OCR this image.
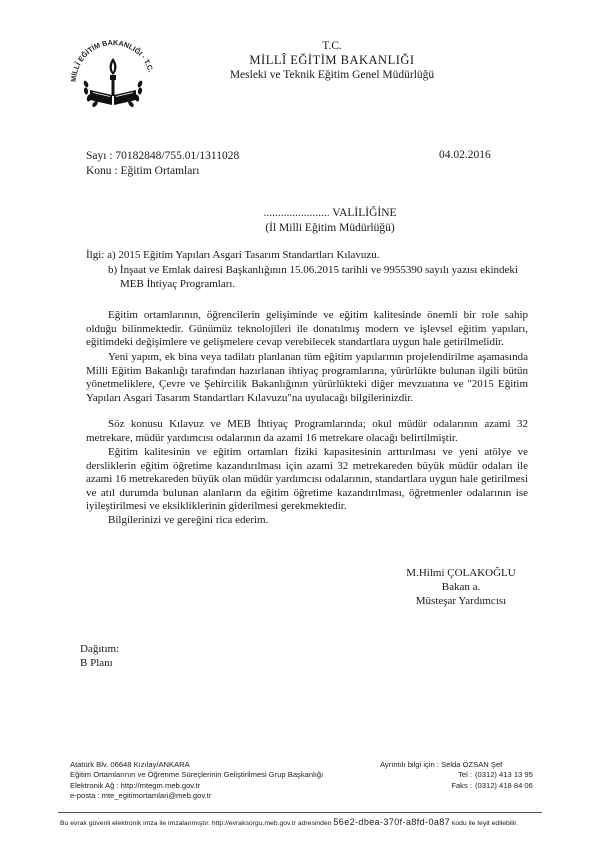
MİLLÎ EĞİTİM BAKANLIĞI · T.C.
T.C.
MİLLÎ EĞİTİM BAKANLIĞI
Mesleki ve Teknik Eğitim Genel Müdürlüğü
Sayı : 70182848/755.01/1311028
Konu : Eğitim Ortamları
04.02.2016
....................... VALİLİĞİNE
(İl Milli Eğitim Müdürlüğü)
İlgi: a) 2015 Eğitim Yapıları Asgari Tasarım Standartları Kılavuzu.
b) İnşaat ve Emlak dairesi Başkanlığının 15.06.2015 tarihli ve 9955390 sayılı yazısı ekindeki
MEB İhtiyaç Programları.

Eğitim ortamlarının, öğrencilerin gelişiminde ve eğitim kalitesinde önemli bir role sahip olduğu bilinmektedir. Günümüz teknolojileri ile donatılmış modern ve işlevsel eğitim yapıları, eğitimdeki değişimlere ve gelişmelere cevap verebilecek standartlara uygun hale getirilmelidir.

Yeni yapım, ek bina veya tadilatı planlanan tüm eğitim yapılarının projelendirilme aşamasında Milli Eğitim Bakanlığı tarafından hazırlanan ihtiyaç programlarına, yürürlükte bulunan ilgili bütün yönetmeliklere, Çevre ve Şehircilik Bakanlığının yürürlükteki diğer mevzuatına ve ''2015 Eğitim Yapıları Asgari Tasarım Standartları Kılavuzu"na uyulacağı bilgilerinizdir.

Söz konusu Kılavuz ve MEB İhtiyaç Programlarında; okul müdür odalarının azami 32 metrekare, müdür yardımcısı odalarının da azami 16 metrekare olacağı belirtilmiştir.

Eğitim kalitesinin ve eğitim ortamları fiziki kapasitesinin arttırılması ve yeni atölye ve dersliklerin eğitim öğretime kazandırılması için azami 32 metrekareden büyük müdür odaları ile azami 16 metrekareden büyük olan müdür yardımcısı odalarının, standartlara uygun hale getirilmesi ve atıl durumda bulunan alanların da eğitim öğretime kazandırılması, öğretmenler odalarının ise iyileştirilmesi ve eksikliklerinin giderilmesi gerekmektedir.

Bilgilerinizi ve gereğini rica ederim.

M.Hilmi ÇOLAKOĞLU
Bakan a.
Müsteşar Yardımcısı
Dağıtım:
B Planı
Atatürk Blv. 06648 Kızılay/ANKARA
Eğitim Ortamlarının ve Öğrenme Süreçlerinin Geliştirilmesi Grup Başkanlığı
Elektronik Ağ : http://mtegm.meb.gov.tr
e-posta : mte_egitimortamlari@meb.gov.tr
Ayrıntılı bilgi için :
Selda ÖZSAN Şef
Tel : (0312) 413 13 95
Faks : (0312) 418 84 06
Bu evrak güvenli elektronik imza ile imzalanmıştır. http://evraksorgu.meb.gov.tr adresinden 56e2-dbea-370f-a8fd-0a87 kodu ile teyit edilebilir.
